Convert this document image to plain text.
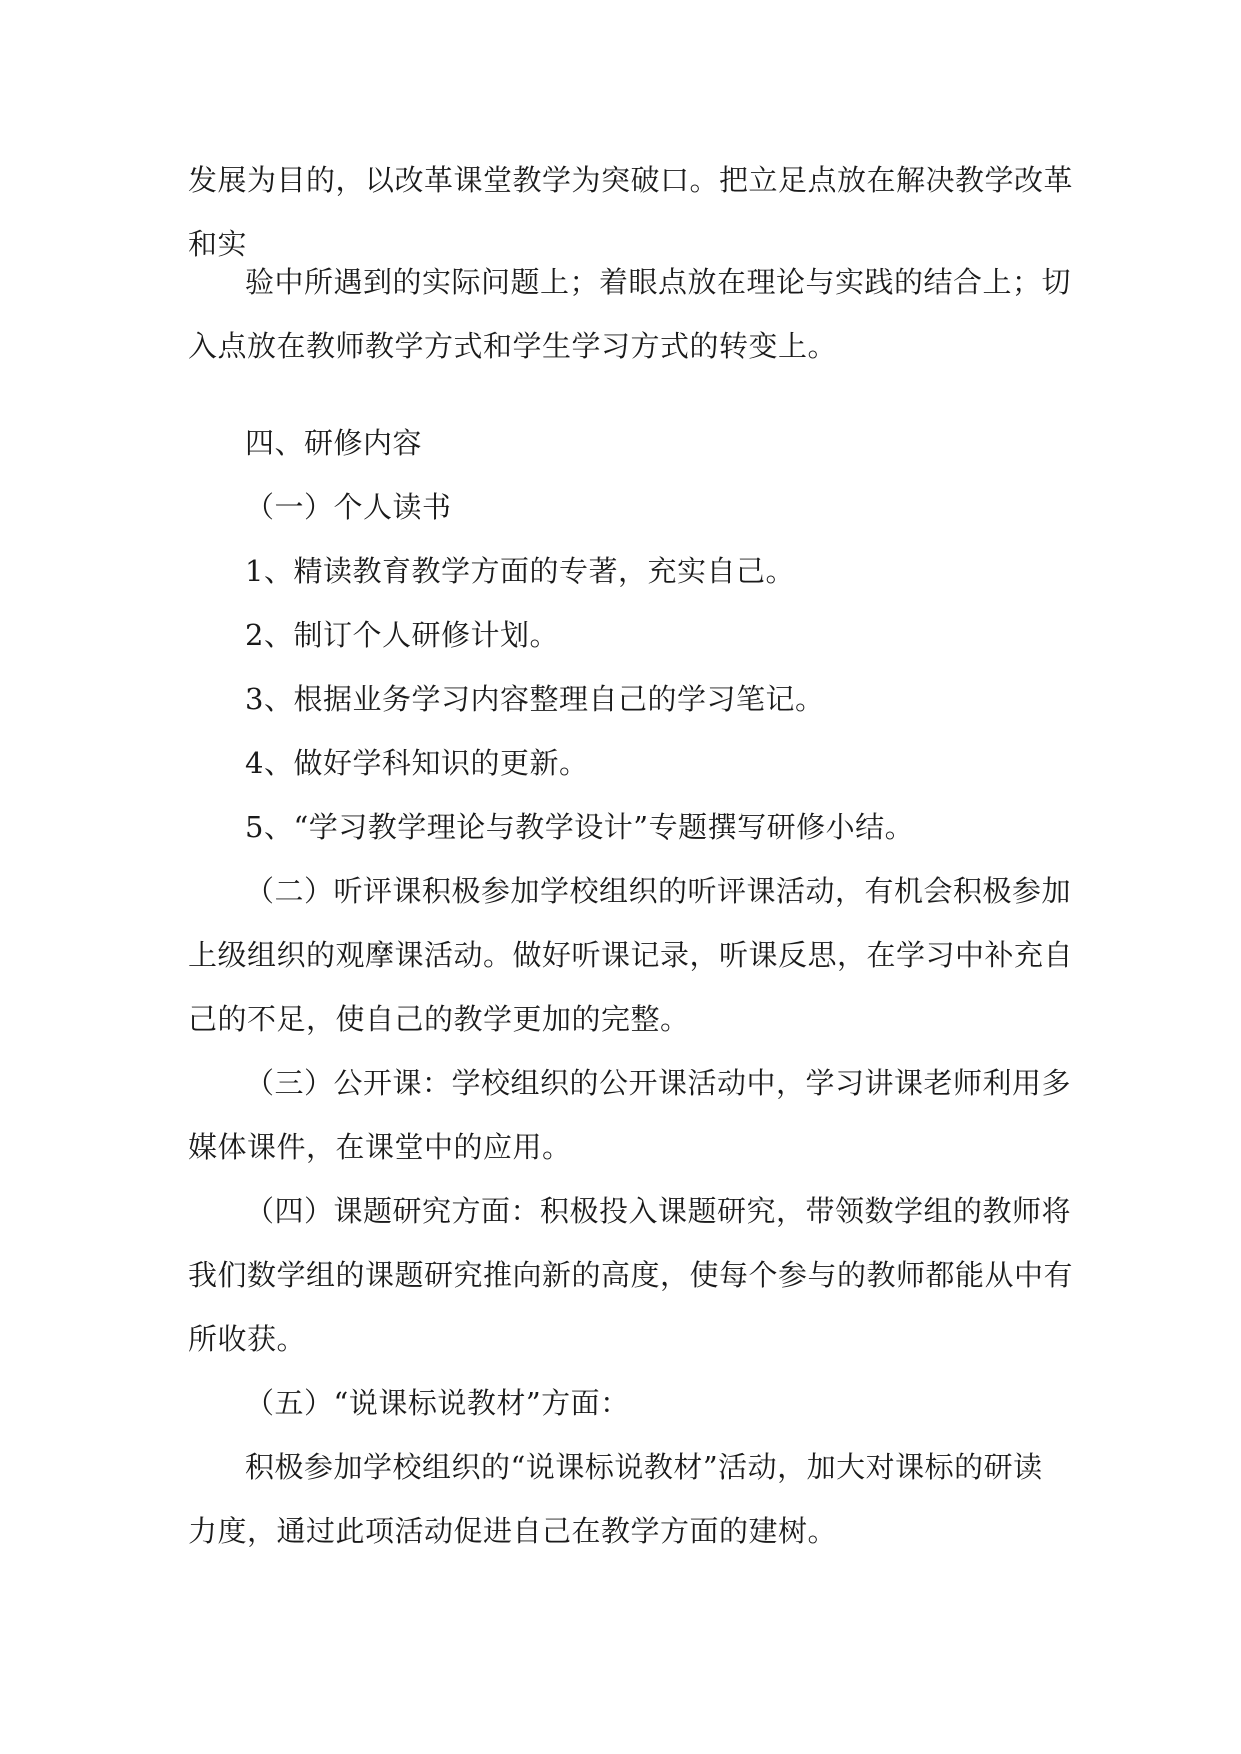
发展为目的，以改革课堂教学为突破口。把立足点放在解决教学改革
和实

验中所遇到的实际问题上；着眼点放在理论与实践的结合上；切
入点放在教师教学方式和学生学习方式的转变上。

四、研修内容

（一）个人读书

1、精读教育教学方面的专著，充实自己。

2、制订个人研修计划。

3、根据业务学习内容整理自己的学习笔记。

4、做好学科知识的更新。

5、“学习教学理论与教学设计”专题撰写研修小结。

（二）听评课积极参加学校组织的听评课活动，有机会积极参加
上级组织的观摩课活动。做好听课记录，听课反思，在学习中补充自
己的不足，使自己的教学更加的完整。

（三）公开课：学校组织的公开课活动中，学习讲课老师利用多
媒体课件，在课堂中的应用。

（四）课题研究方面：积极投入课题研究，带领数学组的教师将
我们数学组的课题研究推向新的高度，使每个参与的教师都能从中有
所收获。

（五）“说课标说教材”方面：

积极参加学校组织的“说课标说教材”活动，加大对课标的研读
力度，通过此项活动促进自己在教学方面的建树。
